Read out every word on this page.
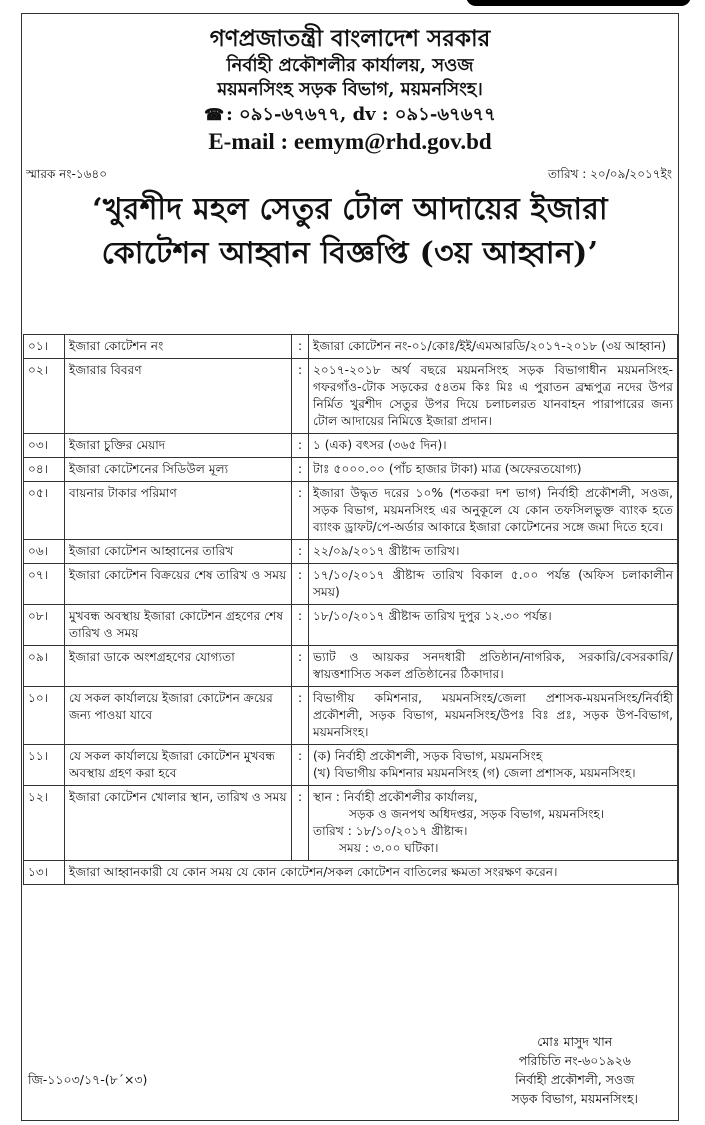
গণপ্রজাতন্ত্রী বাংলাদেশ সরকার
নির্বাহী প্রকৌশলীর কার্যালয়, সওজ
ময়মনসিংহ সড়ক বিভাগ, ময়মনসিংহ।
☎ : ০৯১-৬৭৬৭৭, dv : ০৯১-৬৭৬৭৭
E-mail : eemym@rhd.gov.bd
স্মারক নং-১৬৪০	তারিখ : ২০/০৯/২০১৭ইং
‘খুরশীদ মহল সেতুর টোল আদায়ের ইজারা
কোটেশন আহ্বান বিজ্ঞপ্তি (৩য় আহ্বান)’
০১।	ইজারা কোটেশন নং	:	ইজারা কোটেশন নং-০১/কোঃ/ইই/এমআরডি/২০১৭-২০১৮ (৩য় আহ্বান)
০২।	ইজারার বিবরণ	:	২০১৭-২০১৮ অর্থ বছরে ময়মনসিংহ সড়ক বিভাগাধীন ময়মনসিংহ-গফরগাঁও-টোক সড়কের ৫৪তম কিঃ মিঃ এ পুরাতন ব্রহ্মপুত্র নদের উপর নির্মিত খুরশীদ সেতুর উপর দিয়ে চলাচলরত যানবাহন পারাপারের জন্য টোল আদায়ের নিমিত্তে ইজারা প্রদান।
০৩।	ইজারা চুক্তির মেয়াদ	:	১ (এক) বৎসর (৩৬৫ দিন)।
০৪।	ইজারা কোটেশনের সিডিউল মূল্য	:	টাঃ ৫০০০.০০ (পাঁচ হাজার টাকা) মাত্র (অফেরতযোগ্য)
০৫।	বায়নার টাকার পরিমাণ	:	ইজারা উদ্ধৃত দরের ১০% (শতকরা দশ ভাগ) নির্বাহী প্রকৌশলী, সওজ, সড়ক বিভাগ, ময়মনসিংহ এর অনুকূলে যে কোন তফসিলভুক্ত ব্যাংক হতে ব্যাংক ড্রাফট/পে-অর্ডার আকারে ইজারা কোটেশনের সঙ্গে জমা দিতে হবে।
০৬।	ইজারা কোটেশন আহ্বানের তারিখ	:	২২/০৯/২০১৭ খ্রীষ্টাব্দ তারিখ।
০৭।	ইজারা কোটেশন বিক্রয়ের শেষ তারিখ ও সময়	:	১৭/১০/২০১৭ খ্রীষ্টাব্দ তারিখ বিকাল ৫.০০ পর্যন্ত (অফিস চলাকালীন সময়)
০৮।	মুখবন্ধ অবস্থায় ইজারা কোটেশন গ্রহণের শেষ তারিখ ও সময়	:	১৮/১০/২০১৭ খ্রীষ্টাব্দ তারিখ দুপুর ১২.৩০ পর্যন্ত।
০৯।	ইজারা ডাকে অংশগ্রহণের যোগ্যতা	:	ভ্যাট ও আয়কর সনদধারী প্রতিষ্ঠান/নাগরিক, সরকারি/বেসরকারি/স্বায়ত্তশাসিত সকল প্রতিষ্ঠানের ঠিকাদার।
১০।	যে সকল কার্যালয়ে ইজারা কোটেশন ক্রয়ের জন্য পাওয়া যাবে	:	বিভাগীয় কমিশনার, ময়মনসিংহ/জেলা প্রশাসক-ময়মনসিংহ/নির্বাহী প্রকৌশলী, সড়ক বিভাগ, ময়মনসিংহ/উপঃ বিঃ প্রঃ, সড়ক উপ-বিভাগ, ময়মনসিংহ।
১১।	যে সকল কার্যালয়ে ইজারা কোটেশন মুখবন্ধ অবস্থায় গ্রহণ করা হবে	:	(ক) নির্বাহী প্রকৌশলী, সড়ক বিভাগ, ময়মনসিংহ
(খ) বিভাগীয় কমিশনার ময়মনসিংহ (গ) জেলা প্রশাসক, ময়মনসিংহ।

১২।	ইজারা কোটেশন খোলার স্থান, তারিখ ও সময়	:	স্থান : নির্বাহী প্রকৌশলীর কার্যালয়,
সড়ক ও জনপথ অধিদপ্তর, সড়ক বিভাগ, ময়মনসিংহ।
তারিখ : ১৮/১০/২০১৭ খ্রীষ্টাব্দ।
সময় : ৩.০০ ঘটিকা।

১৩।	ইজারা আহ্বানকারী যে কোন সময় যে কোন কোটেশন/সকল কোটেশন বাতিলের ক্ষমতা সংরক্ষণ করেন।		
মোঃ মাসুদ খান
পরিচিতি নং-৬০১৯২৬
নির্বাহী প্রকৌশলী, সওজ
সড়ক বিভাগ, ময়মনসিংহ।
জি-১১০৩/১৭-(৮´×৩)
